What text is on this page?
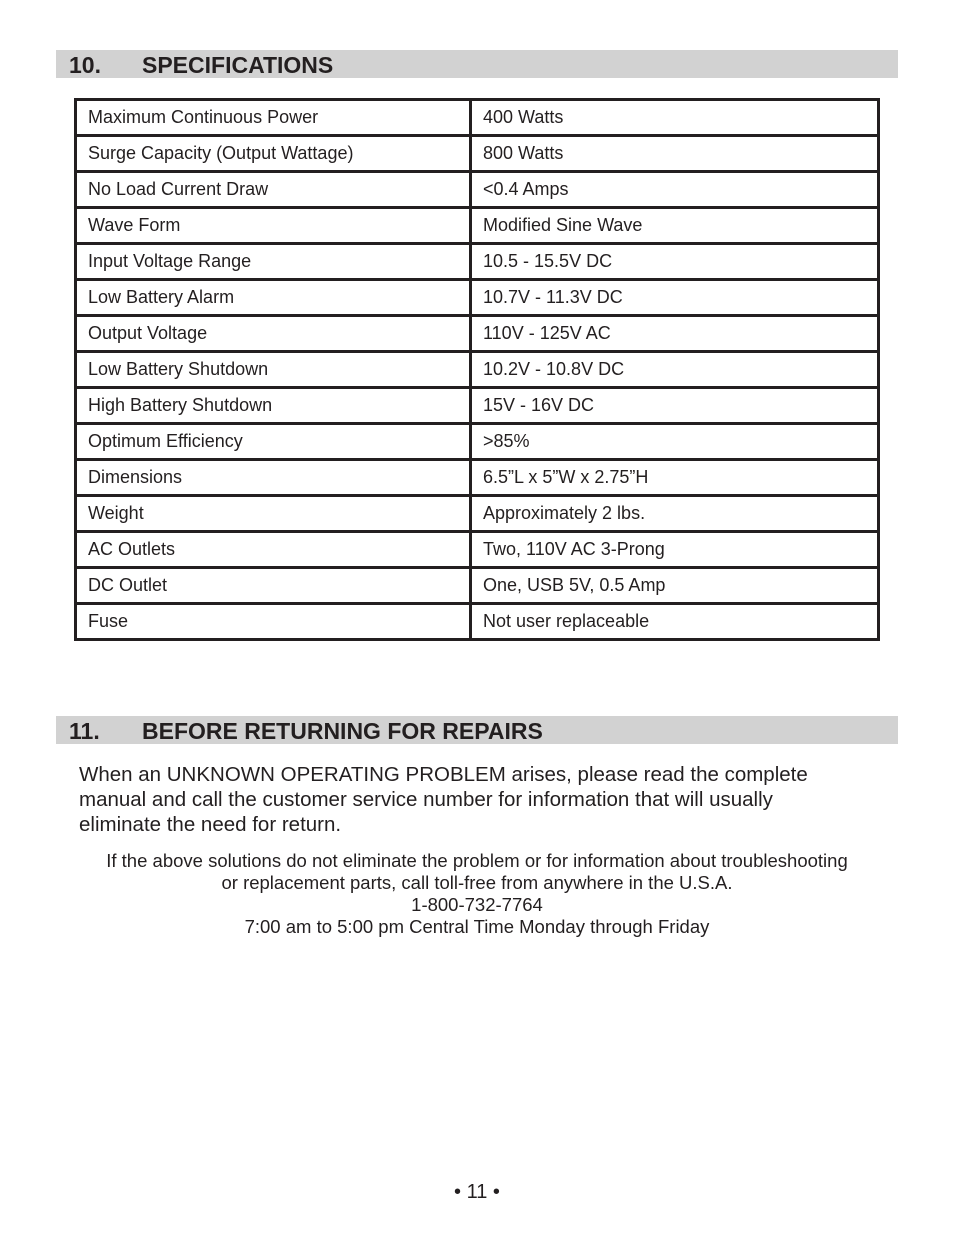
10. SPECIFICATIONS
Maximum Continuous Power	400 Watts
Surge Capacity (Output Wattage)	800 Watts
No Load Current Draw	<0.4 Amps
Wave Form	Modified Sine Wave
Input Voltage Range	10.5 - 15.5V DC
Low Battery Alarm	10.7V - 11.3V DC
Output Voltage	110V - 125V AC
Low Battery Shutdown	10.2V - 10.8V DC
High Battery Shutdown	15V - 16V DC
Optimum Efficiency	>85%
Dimensions	6.5”L x 5”W x 2.75”H
Weight	Approximately 2 lbs.
AC Outlets	Two, 110V AC 3-Prong
DC Outlet	One, USB 5V, 0.5 Amp
Fuse	Not user replaceable
11. BEFORE RETURNING FOR REPAIRS
When an UNKNOWN OPERATING PROBLEM arises, please read the complete
manual and call the customer service number for information that will usually
eliminate the need for return.
If the above solutions do not eliminate the problem or for information about troubleshooting
or replacement parts, call toll-free from anywhere in the U.S.A.
1-800-732-7764
7:00 am to 5:00 pm Central Time Monday through Friday
• 11 •
